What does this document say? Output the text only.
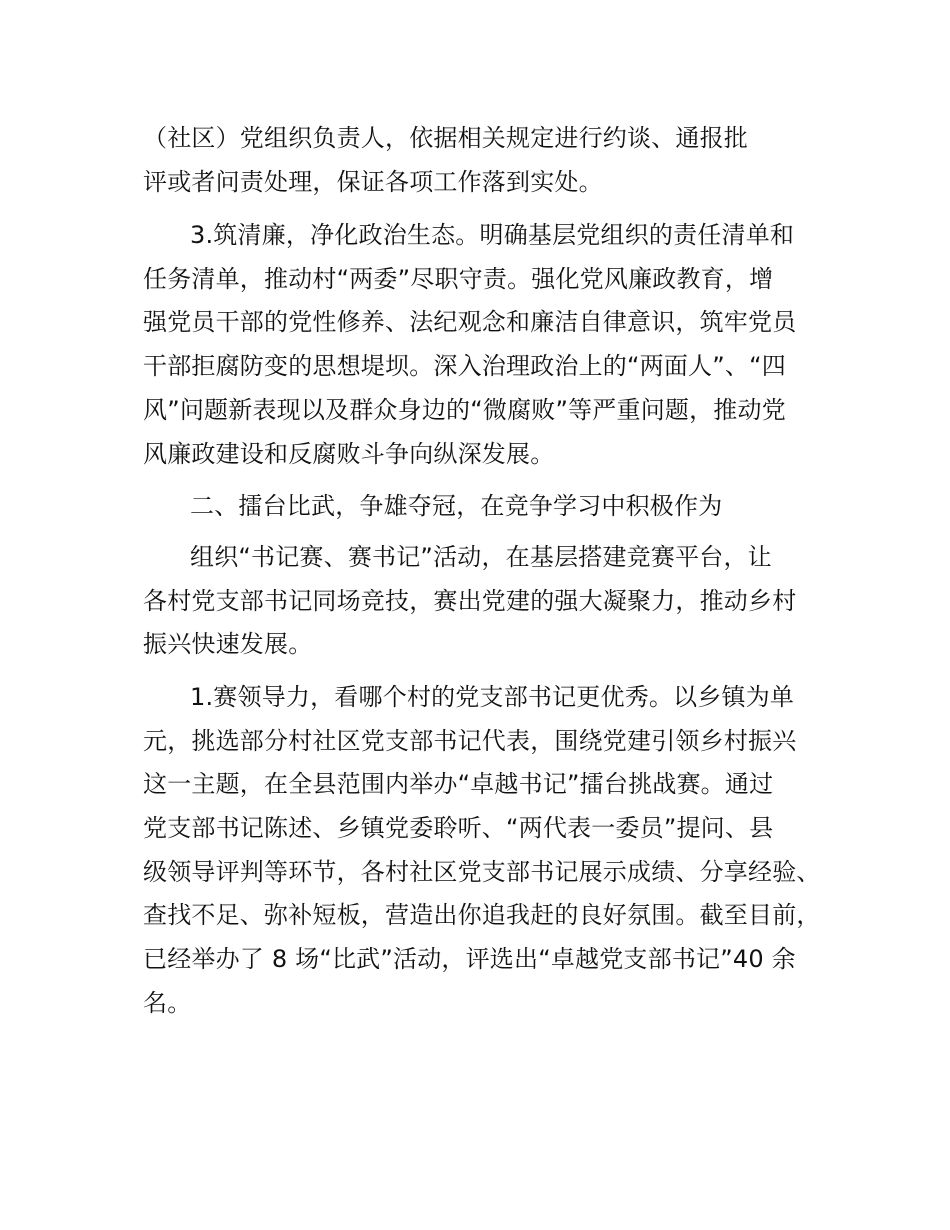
（社区）党组织负责人，依据相关规定进行约谈、通报批
评或者问责处理，保证各项工作落到实处。
3.筑清廉，净化政治生态。明确基层党组织的责任清单和
任务清单，推动村“两委”尽职守责。强化党风廉政教育，增
强党员干部的党性修养、法纪观念和廉洁自律意识，筑牢党员
干部拒腐防变的思想堤坝。深入治理政治上的“两面人”、“四
风”问题新表现以及群众身边的“微腐败”等严重问题，推动党
风廉政建设和反腐败斗争向纵深发展。
二、擂台比武，争雄夺冠，在竞争学习中积极作为
组织“书记赛、赛书记”活动，在基层搭建竞赛平台，让
各村党支部书记同场竞技，赛出党建的强大凝聚力，推动乡村
振兴快速发展。
1.赛领导力，看哪个村的党支部书记更优秀。以乡镇为单
元，挑选部分村社区党支部书记代表，围绕党建引领乡村振兴
这一主题，在全县范围内举办“卓越书记”擂台挑战赛。通过
党支部书记陈述、乡镇党委聆听、“两代表一委员”提问、县
级领导评判等环节，各村社区党支部书记展示成绩、分享经验、
查找不足、弥补短板，营造出你追我赶的良好氛围。截至目前，
已经举办了 8 场“比武”活动，评选出“卓越党支部书记”40 余
名。
